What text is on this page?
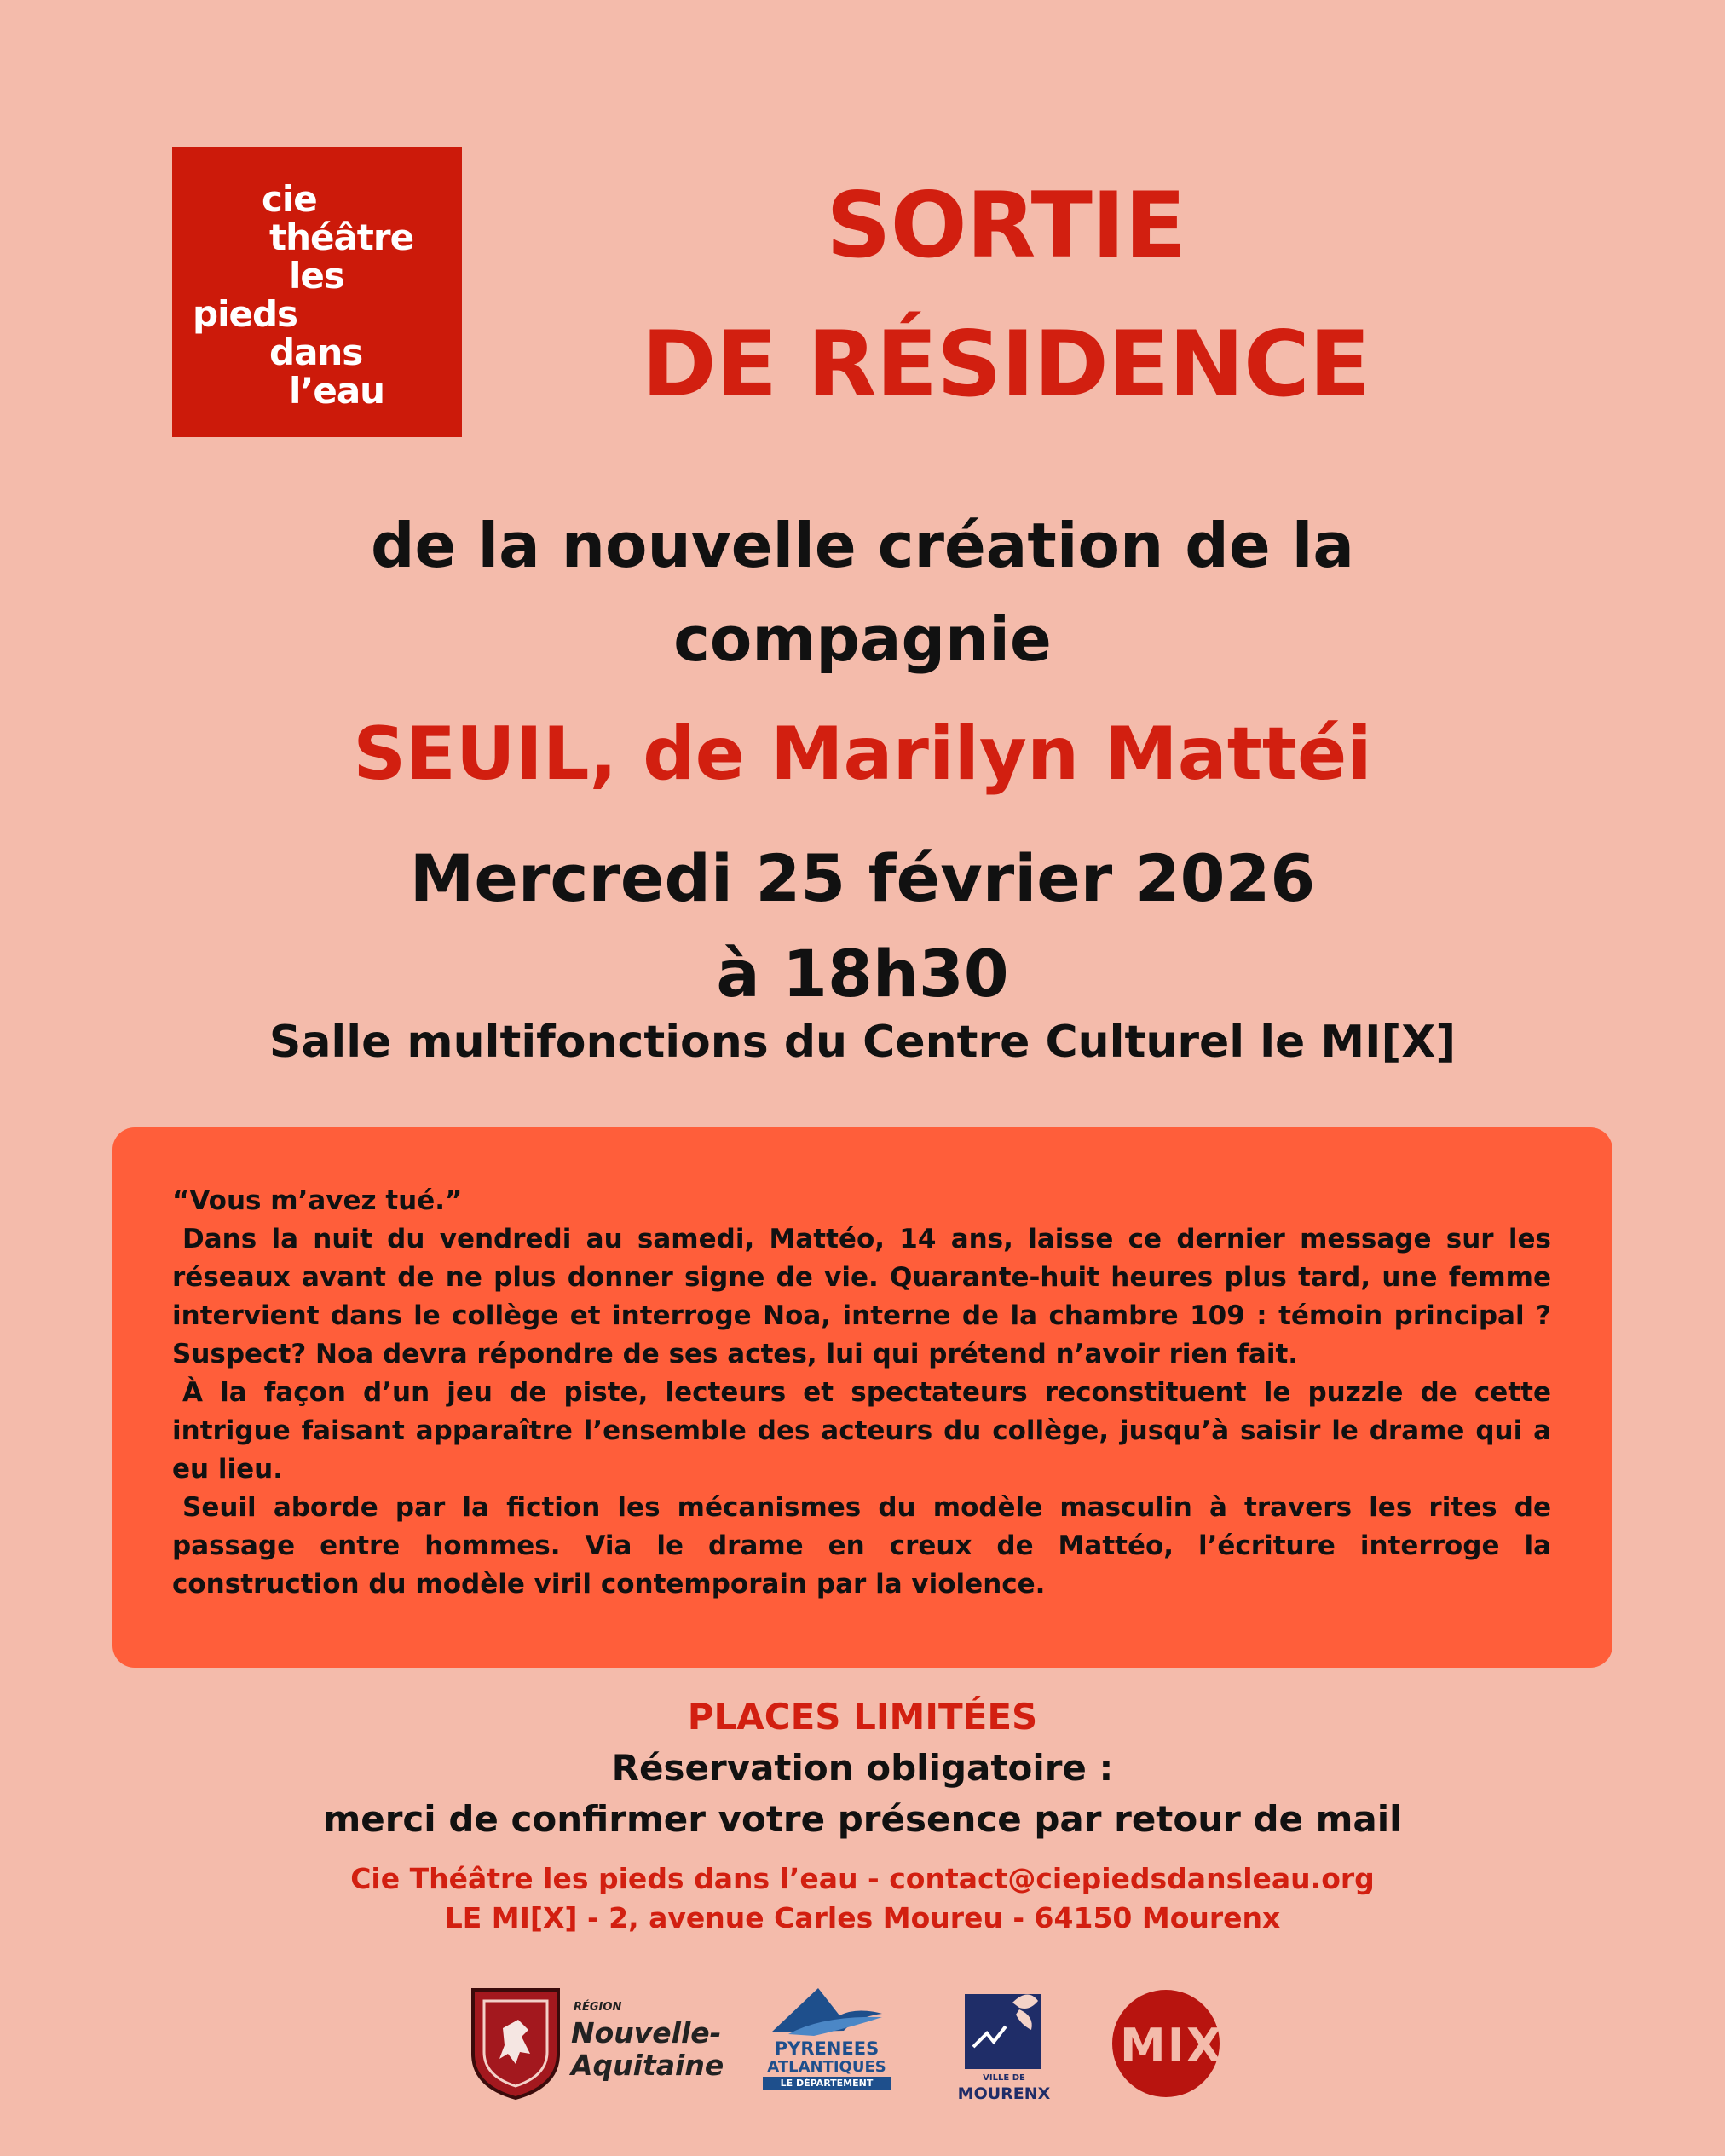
cie
théâtre
les
pieds
dans
l’eau
SORTIE
DE RÉSIDENCE
de la nouvelle création de la
compagnie
SEUIL, de Marilyn Mattéi
Mercredi 25 février 2026
à 18h30
Salle multifonctions du Centre Culturel le MI[X]

“Vous m’avez tué.”

Dans la nuit du vendredi au samedi, Mattéo, 14 ans, laisse ce dernier message sur les réseaux avant de ne plus donner signe de vie. Quarante-huit heures plus tard, une femme intervient dans le collège et interroge Noa, interne de la chambre 109 : témoin principal ? Suspect? Noa devra répondre de ses actes, lui qui prétend n’avoir rien fait.

À la façon d’un jeu de piste, lecteurs et spectateurs reconstituent le puzzle de cette intrigue faisant apparaître l’ensemble des acteurs du collège, jusqu’à saisir le drame qui a eu lieu.

Seuil aborde par la fiction les mécanismes du modèle masculin à travers les rites de passage entre hommes. Via le drame en creux de Mattéo, l’écriture interroge la construction du modèle viril contemporain par la violence.

PLACES LIMITÉES
Réservation obligatoire :
merci de confirmer votre présence par retour de mail
Cie Théâtre les pieds dans l’eau - contact@ciepiedsdansleau.org
LE MI[X] - 2, avenue Carles Moureu - 64150 Mourenx
RÉGION
Nouvelle-
Aquitaine	PYRENEES
ATLANTIQUES
LE DÉPARTEMENT	VILLE DE
MOURENX
MIX
